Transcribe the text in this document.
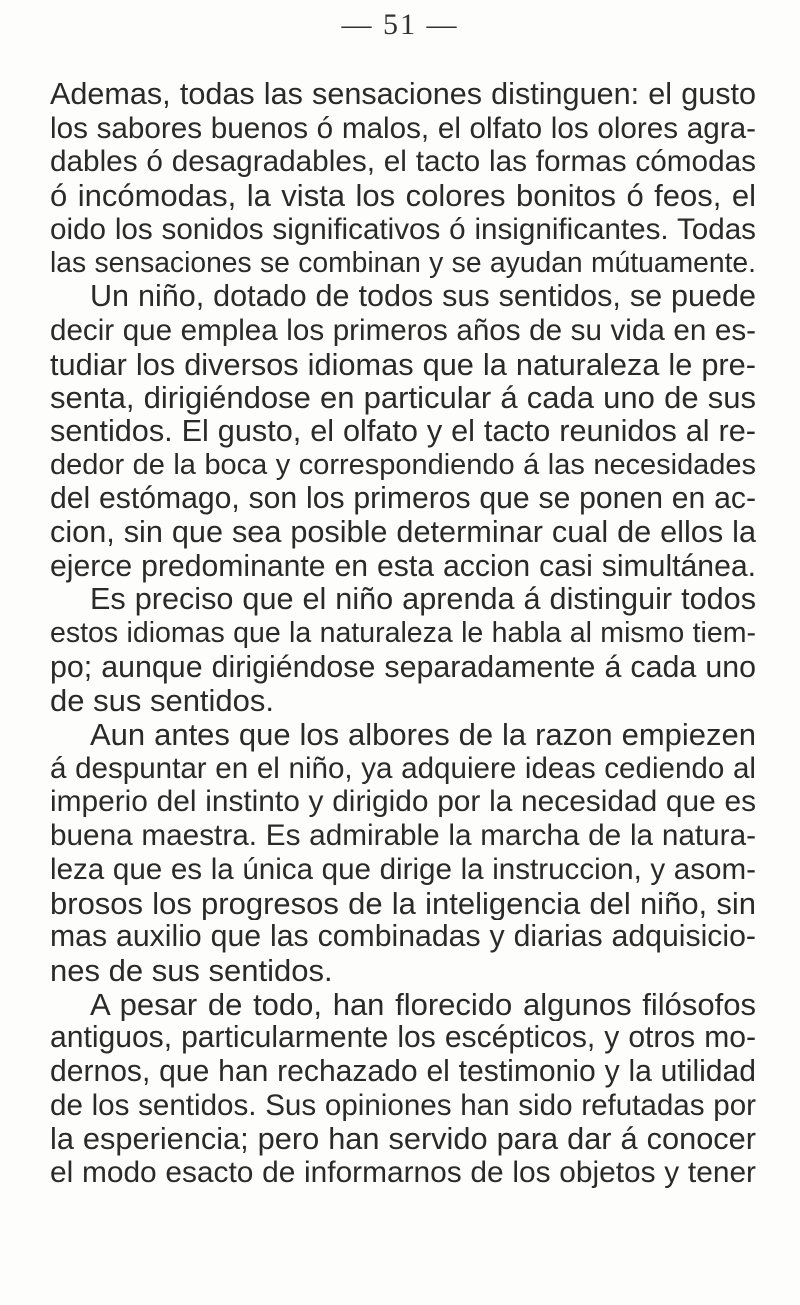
— 51 —
Ademas, todas las sensaciones distinguen: el gusto
los sabores buenos ó malos, el olfato los olores agra-
dables ó desagradables, el tacto las formas cómodas
ó incómodas, la vista los colores bonitos ó feos, el
oido los sonidos significativos ó insignificantes. Todas
las sensaciones se combinan y se ayudan mútuamente.
Un niño, dotado de todos sus sentidos, se puede
decir que emplea los primeros años de su vida en es-
tudiar los diversos idiomas que la naturaleza le pre-
senta, dirigiéndose en particular á cada uno de sus
sentidos. El gusto, el olfato y el tacto reunidos al re-
dedor de la boca y correspondiendo á las necesidades
del estómago, son los primeros que se ponen en ac-
cion, sin que sea posible determinar cual de ellos la
ejerce predominante en esta accion casi simultánea.
Es preciso que el niño aprenda á distinguir todos
estos idiomas que la naturaleza le habla al mismo tiem-
po; aunque dirigiéndose separadamente á cada uno
de sus sentidos.
Aun antes que los albores de la razon empiezen
á despuntar en el niño, ya adquiere ideas cediendo al
imperio del instinto y dirigido por la necesidad que es
buena maestra. Es admirable la marcha de la natura-
leza que es la única que dirige la instruccion, y asom-
brosos los progresos de la inteligencia del niño, sin
mas auxilio que las combinadas y diarias adquisicio-
nes de sus sentidos.
A pesar de todo, han florecido algunos filósofos
antiguos, particularmente los escépticos, y otros mo-
dernos, que han rechazado el testimonio y la utilidad
de los sentidos. Sus opiniones han sido refutadas por
la esperiencia; pero han servido para dar á conocer
el modo esacto de informarnos de los objetos y tener
